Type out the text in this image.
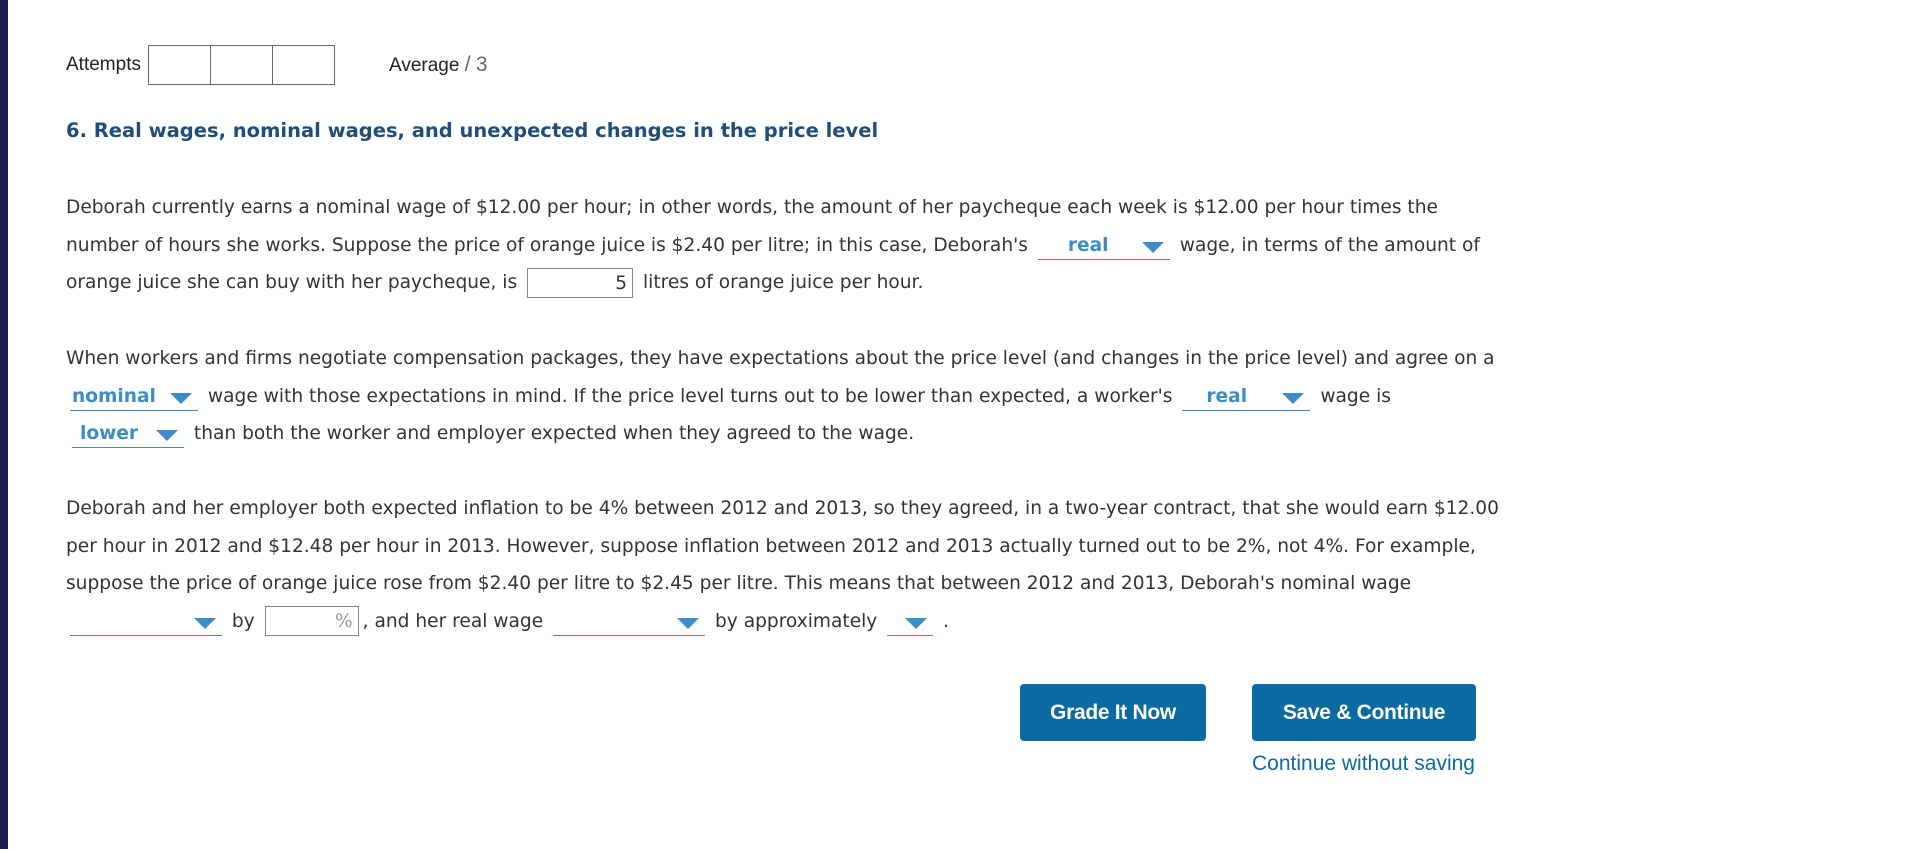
Attempts	Average / 3
6. Real wages, nominal wages, and unexpected changes in the price level
Deborah currently earns a nominal wage of $12.00 per hour; in other words, the amount of her paycheque each week is $12.00 per hour times the number of hours she works. Suppose the price of orange juice is $2.40 per litre; in this case, Deborah's real	wage, in terms of the amount of orange juice she can buy with her paycheque, is	5 litres of orange juice per hour.
When workers and firms negotiate compensation packages, they have expectations about the price level (and changes in the price level) and agree on a nominal	wage with those expectations in mind. If the price level turns out to be lower than expected, a worker's real	wage is lower	than both the worker and employer expected when they agreed to the wage.
Deborah and her employer both expected inflation to be 4% between 2012 and 2013, so they agreed, in a two-year contract, that she would earn $12.00 per hour in 2012 and $12.48 per hour in 2013. However, suppose inflation between 2012 and 2013 actually turned out to be 2%, not 4%. For example, suppose the price of orange juice rose from $2.40 per litre to $2.45 per litre. This means that between 2012 and 2013, Deborah's nominal wage
by	% , and her real wage	by approximately	.
Grade It Now	Save & Continue
Continue without saving
